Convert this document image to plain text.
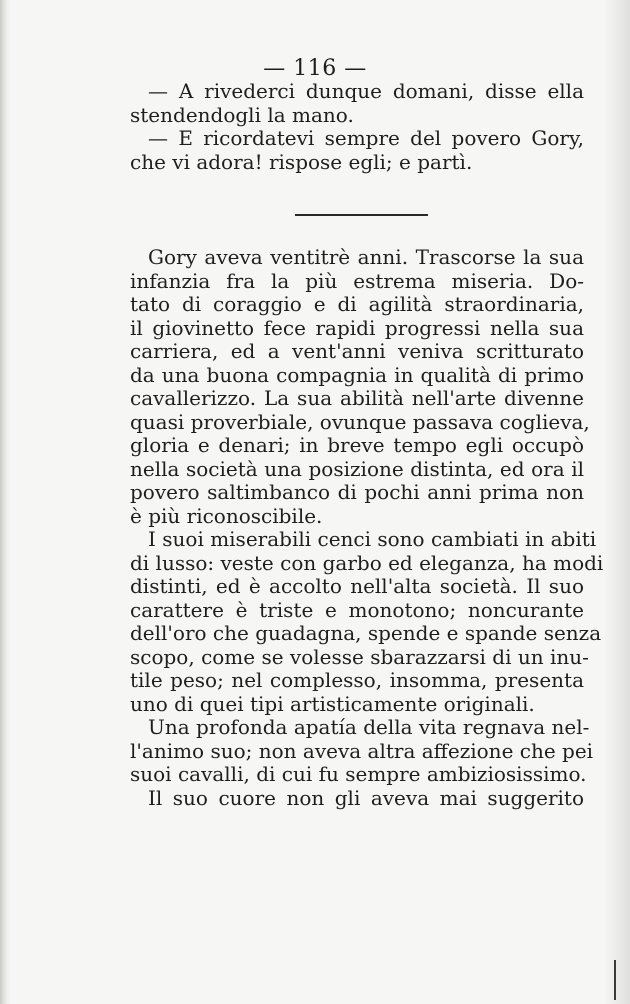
— 116 —
— A rivederci dunque domani, disse ella
stendendogli la mano.
— E ricordatevi sempre del povero Gory,
che vi adora! rispose egli; e partì.
Gory aveva ventitrè anni. Trascorse la sua
infanzia fra la più estrema miseria. Do-
tato di coraggio e di agilità straordinaria,
il giovinetto fece rapidi progressi nella sua
carriera, ed a vent'anni veniva scritturato
da una buona compagnia in qualità di primo
cavallerizzo. La sua abilità nell'arte divenne
quasi proverbiale, ovunque passava coglieva,
gloria e denari; in breve tempo egli occupò
nella società una posizione distinta, ed ora il
povero saltimbanco di pochi anni prima non
è più riconoscibile.
I suoi miserabili cenci sono cambiati in abiti
di lusso: veste con garbo ed eleganza, ha modi
distinti, ed è accolto nell'alta società. Il suo
carattere è triste e monotono; noncurante
dell'oro che guadagna, spende e spande senza
scopo, come se volesse sbarazzarsi di un inu-
tile peso; nel complesso, insomma, presenta
uno di quei tipi artisticamente originali.
Una profonda apatía della vita regnava nel-
l'animo suo; non aveva altra affezione che pei
suoi cavalli, di cui fu sempre ambiziosissimo.
Il suo cuore non gli aveva mai suggerito
